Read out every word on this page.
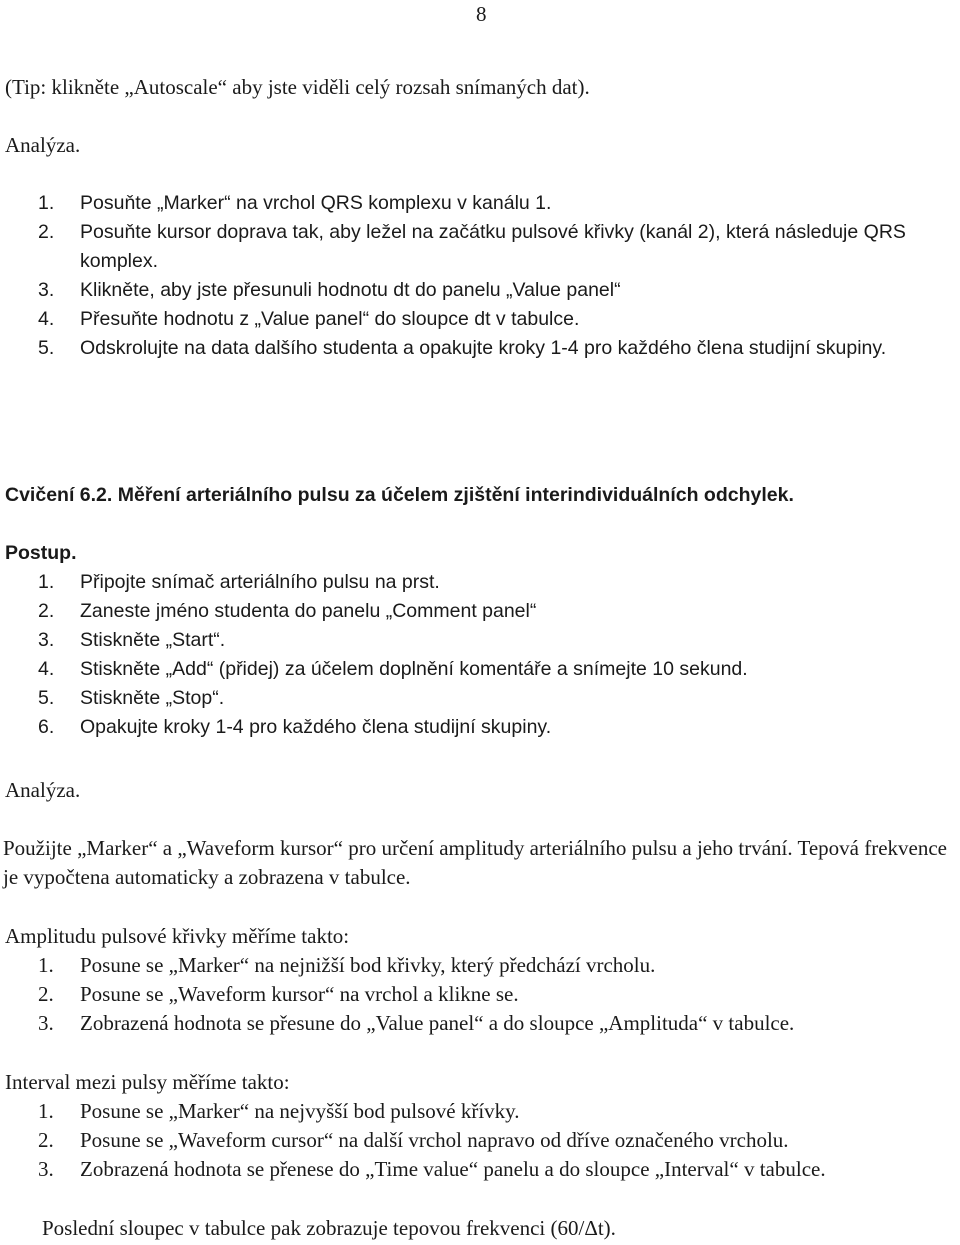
8
(Tip: klikněte „Autoscale“ aby jste viděli celý rozsah snímaných dat).
Analýza.
1. Posuňte „Marker“ na vrchol QRS komplexu v kanálu 1.
2. Posuňte kursor doprava tak, aby ležel na začátku pulsové křivky (kanál 2), která následuje QRS komplex.
3. Klikněte, aby jste přesunuli hodnotu dt do panelu „Value panel“
4. Přesuňte hodnotu z „Value panel“ do sloupce dt v tabulce.
5. Odskrolujte na data dalšího studenta a opakujte kroky 1-4 pro každého člena studijní skupiny.
Cvičení 6.2. Měření arteriálního pulsu za účelem zjištění interindividuálních odchylek.
Postup.
1. Připojte snímač arteriálního pulsu na prst.
2. Zaneste jméno studenta do panelu „Comment panel“
3. Stiskněte „Start“.
4. Stiskněte „Add“ (přidej) za účelem doplnění komentáře a snímejte 10 sekund.
5. Stiskněte „Stop“.
6. Opakujte kroky 1-4 pro každého člena studijní skupiny.
Analýza.
Použijte „Marker“ a „Waveform kursor“ pro určení amplitudy arteriálního pulsu a jeho trvání. Tepová frekvence je vypočtena automaticky a zobrazena v tabulce.
Amplitudu pulsové křivky měříme takto:
1. Posune se „Marker“ na nejnižší bod křivky, který předchází vrcholu.
2. Posune se „Waveform kursor“ na vrchol a klikne se.
3. Zobrazená hodnota se přesune do „Value panel“ a do sloupce „Amplituda“ v tabulce.
Interval mezi pulsy měříme takto:
1. Posune se „Marker“ na nejvyšší bod pulsové křívky.
2. Posune se „Waveform cursor“ na další vrchol napravo od dříve označeného vrcholu.
3. Zobrazená hodnota se přenese do „Time value“ panelu a do sloupce „Interval“ v tabulce.
Poslední sloupec v tabulce pak zobrazuje tepovou frekvenci (60/Δt).
